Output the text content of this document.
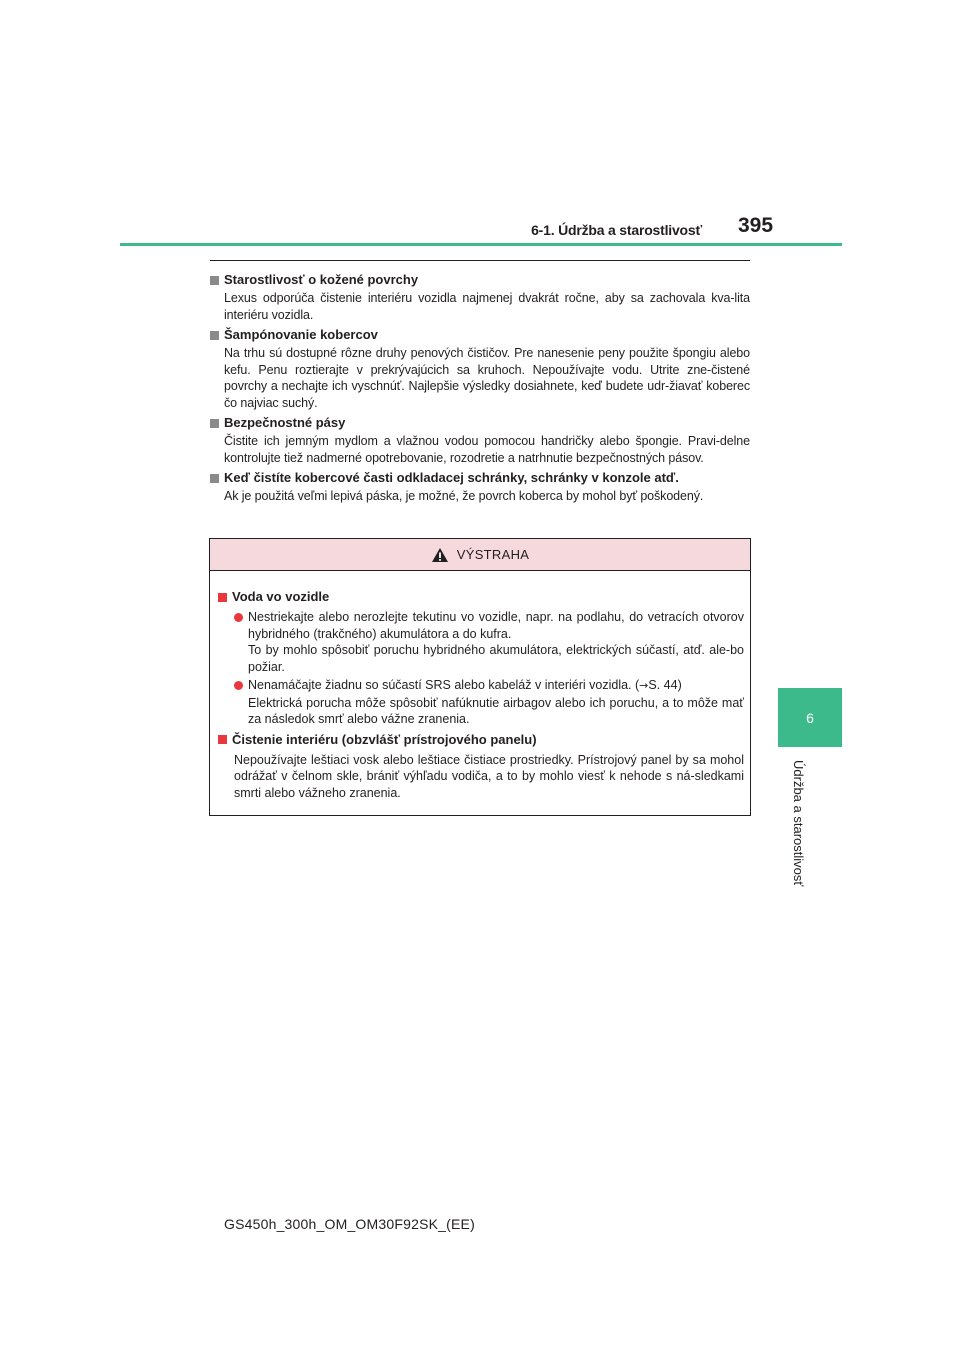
6-1. Údržba a starostlivosť 395
6
Údržba a starostlivosť
Starostlivosť o kožené povrchy
Lexus odporúča čistenie interiéru vozidla najmenej dvakrát ročne, aby sa zachovala kva-lita interiéru vozidla.
Šampónovanie kobercov
Na trhu sú dostupné rôzne druhy penových čističov. Pre nanesenie peny použite špongiu alebo kefu. Penu roztierajte v prekrývajúcich sa kruhoch. Nepoužívajte vodu. Utrite zne-čistené povrchy a nechajte ich vyschnúť. Najlepšie výsledky dosiahnete, keď budete udr-žiavať koberec čo najviac suchý.
Bezpečnostné pásy
Čistite ich jemným mydlom a vlažnou vodou pomocou handričky alebo špongie. Pravi-delne kontrolujte tiež nadmerné opotrebovanie, rozodretie a natrhnutie bezpečnostných pásov.
Keď čistíte kobercové časti odkladacej schránky, schránky v konzole atď.
Ak je použitá veľmi lepivá páska, je možné, že povrch koberca by mohol byť poškodený.
VÝSTRAHA
Voda vo vozidle
Nestriekajte alebo nerozlejte tekutinu vo vozidle, napr. na podlahu, do vetracích otvorov hybridného (trakčného) akumulátora a do kufra.
To by mohlo spôsobiť poruchu hybridného akumulátora, elektrických súčastí, atď. ale-bo požiar.
Nenamáčajte žiadnu so súčastí SRS alebo kabeláž v interiéri vozidla. (→S. 44)
Elektrická porucha môže spôsobiť nafúknutie airbagov alebo ich poruchu, a to môže mať za následok smrť alebo vážne zranenia.
Čistenie interiéru (obzvlášť prístrojového panelu)
Nepoužívajte leštiaci vosk alebo leštiace čistiace prostriedky. Prístrojový panel by sa mohol odrážať v čelnom skle, brániť výhľadu vodiča, a to by mohlo viesť k nehode s ná-sledkami smrti alebo vážneho zranenia.
GS450h_300h_OM_OM30F92SK_(EE)
